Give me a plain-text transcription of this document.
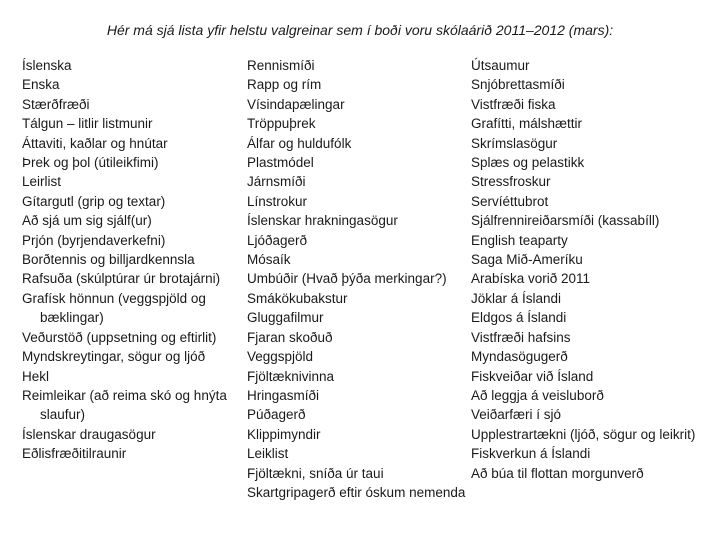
Hér má sjá lista yfir helstu valgreinar sem í boði voru skólaárið 2011–2012 (mars):
Íslenska
Enska
Stærðfræði
Tálgun – litlir listmunir
Áttaviti, kaðlar og hnútar
Þrek og þol (útileikfimi)
Leirlist
Gítargutl (grip og textar)
Að sjá um sig sjálf(ur)
Prjón (byrjendaverkefni)
Borðtennis og billjardkennsla
Rafsuða (skúlptúrar úr brotajárni)
Grafísk hönnun (veggspjöld og bæklingar)
Veðurstöð (uppsetning og eftirlit)
Myndskreytingar, sögur og ljóð
Hekl
Reimleikar (að reima skó og hnýta slaufur)
Íslenskar draugasögur
Eðlisfræðitilraunir
Rennismíði
Rapp og rím
Vísindapælingar
Tröppuþrek
Álfar og huldufólk
Plastmódel
Járnsmíði
Línstrokur
Íslenskar hrakningasögur
Ljóðagerð
Mósaík
Umbúðir (Hvað þýða merkingar?)
Smákökubakstur
Gluggafilmur
Fjaran skoðuð
Veggspjöld
Fjöltæknivinna
Hringasmíði
Púðagerð
Klippimyndir
Leiklist
Fjöltækni, sníða úr taui
Skartgripagerð eftir óskum nemenda
Útsaumur
Snjóbrettasmíði
Vistfræði fiska
Grafítti, málshættir
Skrímslasögur
Splæs og pelastikk
Stressfroskur
Servíéttubrot
Sjálfrennireiðarsmíði (kassabíll)
English teaparty
Saga Mið-Ameríku
Arabíska vorið 2011
Jöklar á Íslandi
Eldgos á Íslandi
Vistfræði hafsins
Myndasögugerð
Fiskveiðar við Ísland
Að leggja á veisluborð
Veiðarfæri í sjó
Upplestrartækni (ljóð, sögur og leikrit)
Fiskverkun á Íslandi
Að búa til flottan morgunverð
